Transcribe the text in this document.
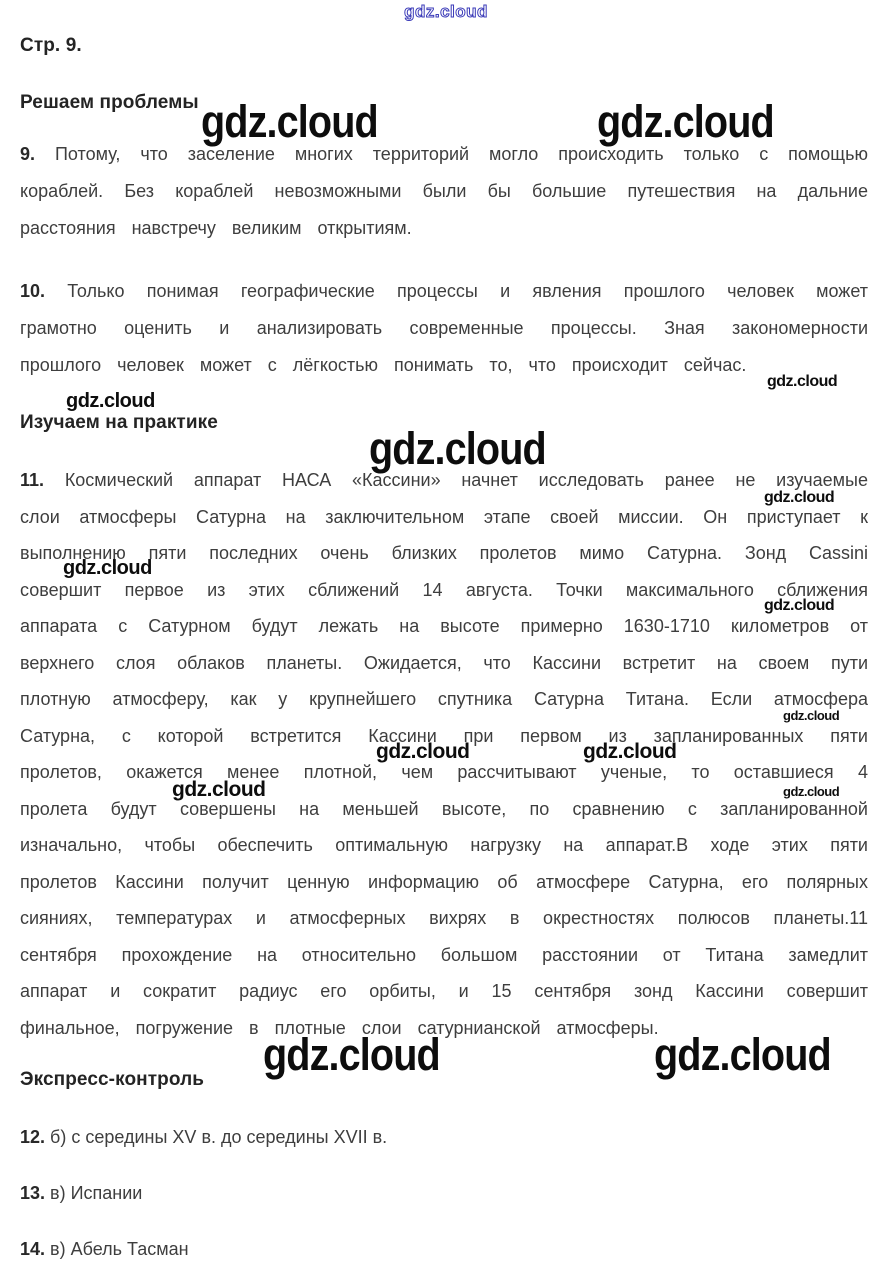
gdz.cloud
gdz.cloud	gdz.cloud
gdz.cloud
gdz.cloud
gdz.cloud
gdz.cloud
gdz.cloud
gdz.cloud
gdz.cloud
gdz.cloud	gdz.cloud
gdz.cloud	gdz.cloud
gdz.cloud	gdz.cloud
Стр. 9.
Решаем проблемы

9. Потому, что заселение многих территорий могло происходить только с помощью кораблей. Без кораблей невозможными были бы большие путешествия на дальние расстояния навстречу великим открытиям.

10. Только понимая географические процессы и явления прошлого человек может грамотно оценить и анализировать современные процессы. Зная закономерности прошлого человек может с лёгкостью понимать то, что происходит сейчас.

Изучаем на практике

11. Космический аппарат НАСА «Кассини» начнет исследовать ранее не изучаемые слои атмосферы Сатурна на заключительном этапе своей миссии. Он приступает к выполнению пяти последних очень близких пролетов мимо Сатурна. Зонд Cassini совершит первое из этих сближений 14 августа. Точки максимального сближения аппарата с Сатурном будут лежать на высоте примерно 1630-1710 километров от верхнего слоя облаков планеты. Ожидается, что Кассини встретит на своем пути плотную атмосферу, как у крупнейшего спутника Сатурна Титана. Если атмосфера Сатурна, с которой встретится Кассини при первом из запланированных пяти пролетов, окажется менее плотной, чем рассчитывают ученые, то оставшиеся 4 пролета будут совершены на меньшей высоте, по сравнению с запланированной изначально, чтобы обеспечить оптимальную нагрузку на аппарат.В ходе этих пяти пролетов Кассини получит ценную информацию об атмосфере Сатурна, его полярных сияниях, температурах и атмосферных вихрях в окрестностях полюсов планеты.11 сентября прохождение на относительно большом расстоянии от Титана замедлит аппарат и сократит радиус его орбиты, и 15 сентября зонд Кассини совершит финальное, погружение в плотные слои сатурнианской атмосферы.

Экспресс-контроль

12. б) с середины XV в. до середины XVII в.

13. в) Испании

14. в) Абель Тасман
